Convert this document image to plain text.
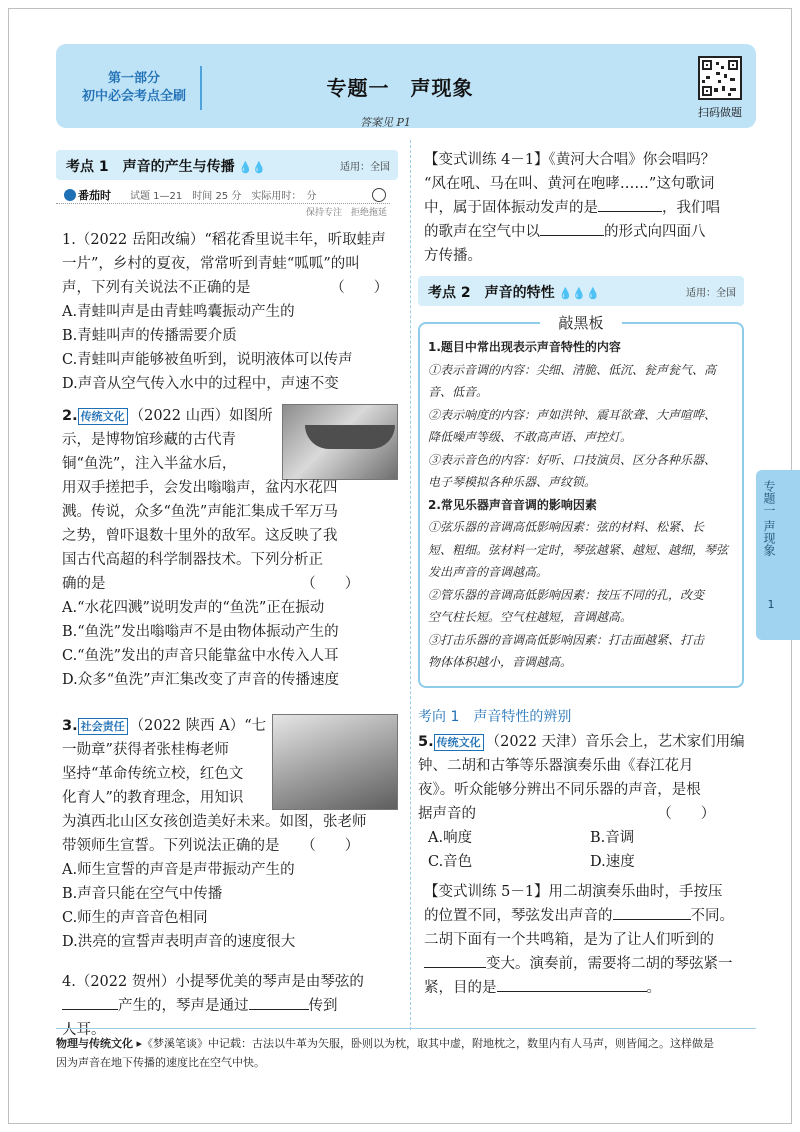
第一部分
初中必会考点全刷	专题一　声现象
答案见 P1
扫码做题
专题一 声现象
1
考点 1　声音的产生与传播 💧💧	适用：全国
番茄时 试题 1—21　时间 25 分　实际用时：　分
保持专注　拒绝拖延
1.（2022 岳阳改编）“稻花香里说丰年，听取蛙声
一片”，乡村的夏夜，常常听到青蛙“呱呱”的叫
声，下列有关说法不正确的是　　　　　　（　　）
A.青蛙叫声是由青蛙鸣囊振动产生的
B.青蛙叫声的传播需要介质
C.青蛙叫声能够被鱼听到，说明液体可以传声
D.声音从空气传入水中的过程中，声速不变
2. 传统文化 （2022 山西）如图所
示，是博物馆珍藏的古代青
铜“鱼洗”，注入半盆水后，
用双手搓把手，会发出嗡嗡声，盆内水花四
溅。传说，众多“鱼洗”声能汇集成千军万马
之势，曾吓退数十里外的敌军。这反映了我
国古代高超的科学制器技术。下列分析正
确的是　　　　　　　　　　　　　　（　　）
A.“水花四溅”说明发声的“鱼洗”正在振动
B.“鱼洗”发出嗡嗡声不是由物体振动产生的
C.“鱼洗”发出的声音只能靠盆中水传入人耳
D.众多“鱼洗”声汇集改变了声音的传播速度
3. 社会责任 （2022 陕西 A）“七
一勋章”获得者张桂梅老师
坚持“革命传统立校，红色文
化育人”的教育理念，用知识
为滇西北山区女孩创造美好未来。如图，张老师
带领师生宣誓。下列说法正确的是　　（　　）
A.师生宣誓的声音是声带振动产生的
B.声音只能在空气中传播
C.师生的声音音色相同
D.洪亮的宣誓声表明声音的速度很大
4.（2022 贺州）小提琴优美的琴声是由琴弦的
产生的，琴声是通过	传到
人耳。
【变式训练 4－1】《黄河大合唱》你会唱吗？
“风在吼、马在叫、黄河在咆哮……”这句歌词
中，属于固体振动发声的是	，我们唱
的歌声在空气中以	的形式向四面八
方传播。
考点 2　声音的特性 💧💧💧	适用：全国
敲黑板
1.题目中常出现表示声音特性的内容
①表示音调的内容：尖细、清脆、低沉、瓮声瓮气、高
音、低音。
②表示响度的内容：声如洪钟、震耳欲聋、大声喧哗、
降低噪声等级、不敢高声语、声控灯。
③表示音色的内容：好听、口技演员、区分各种乐器、
电子琴模拟各种乐器、声纹锁。
2.常见乐器声音音调的影响因素
①弦乐器的音调高低影响因素：弦的材料、松紧、长
短、粗细。弦材料一定时，琴弦越紧、越短、越细，琴弦
发出声音的音调越高。
②管乐器的音调高低影响因素：按压不同的孔，改变
空气柱长短。空气柱越短，音调越高。
③打击乐器的音调高低影响因素：打击面越紧、打击
物体体积越小，音调越高。
考向 1　声音特性的辨别
5. 传统文化 （2022 天津）音乐会上，艺术家们用编
钟、二胡和古筝等乐器演奏乐曲《春江花月
夜》。听众能够分辨出不同乐器的声音，是根
据声音的　　　　　　　　　　　　　（　　）
A.响度	B.音调
C.音色	D.速度
【变式训练 5－1】用二胡演奏乐曲时，手按压
的位置不同，琴弦发出声音的	不同。
二胡下面有一个共鸣箱，是为了让人们听到的
变大。演奏前，需要将二胡的琴弦紧一
紧，目的是	。
物理与传统文化 ▸《梦溪笔谈》中记载：古法以牛革为矢服，卧则以为枕，取其中虚，附地枕之，数里内有人马声，则皆闻之。这样做是
因为声音在地下传播的速度比在空气中快。
